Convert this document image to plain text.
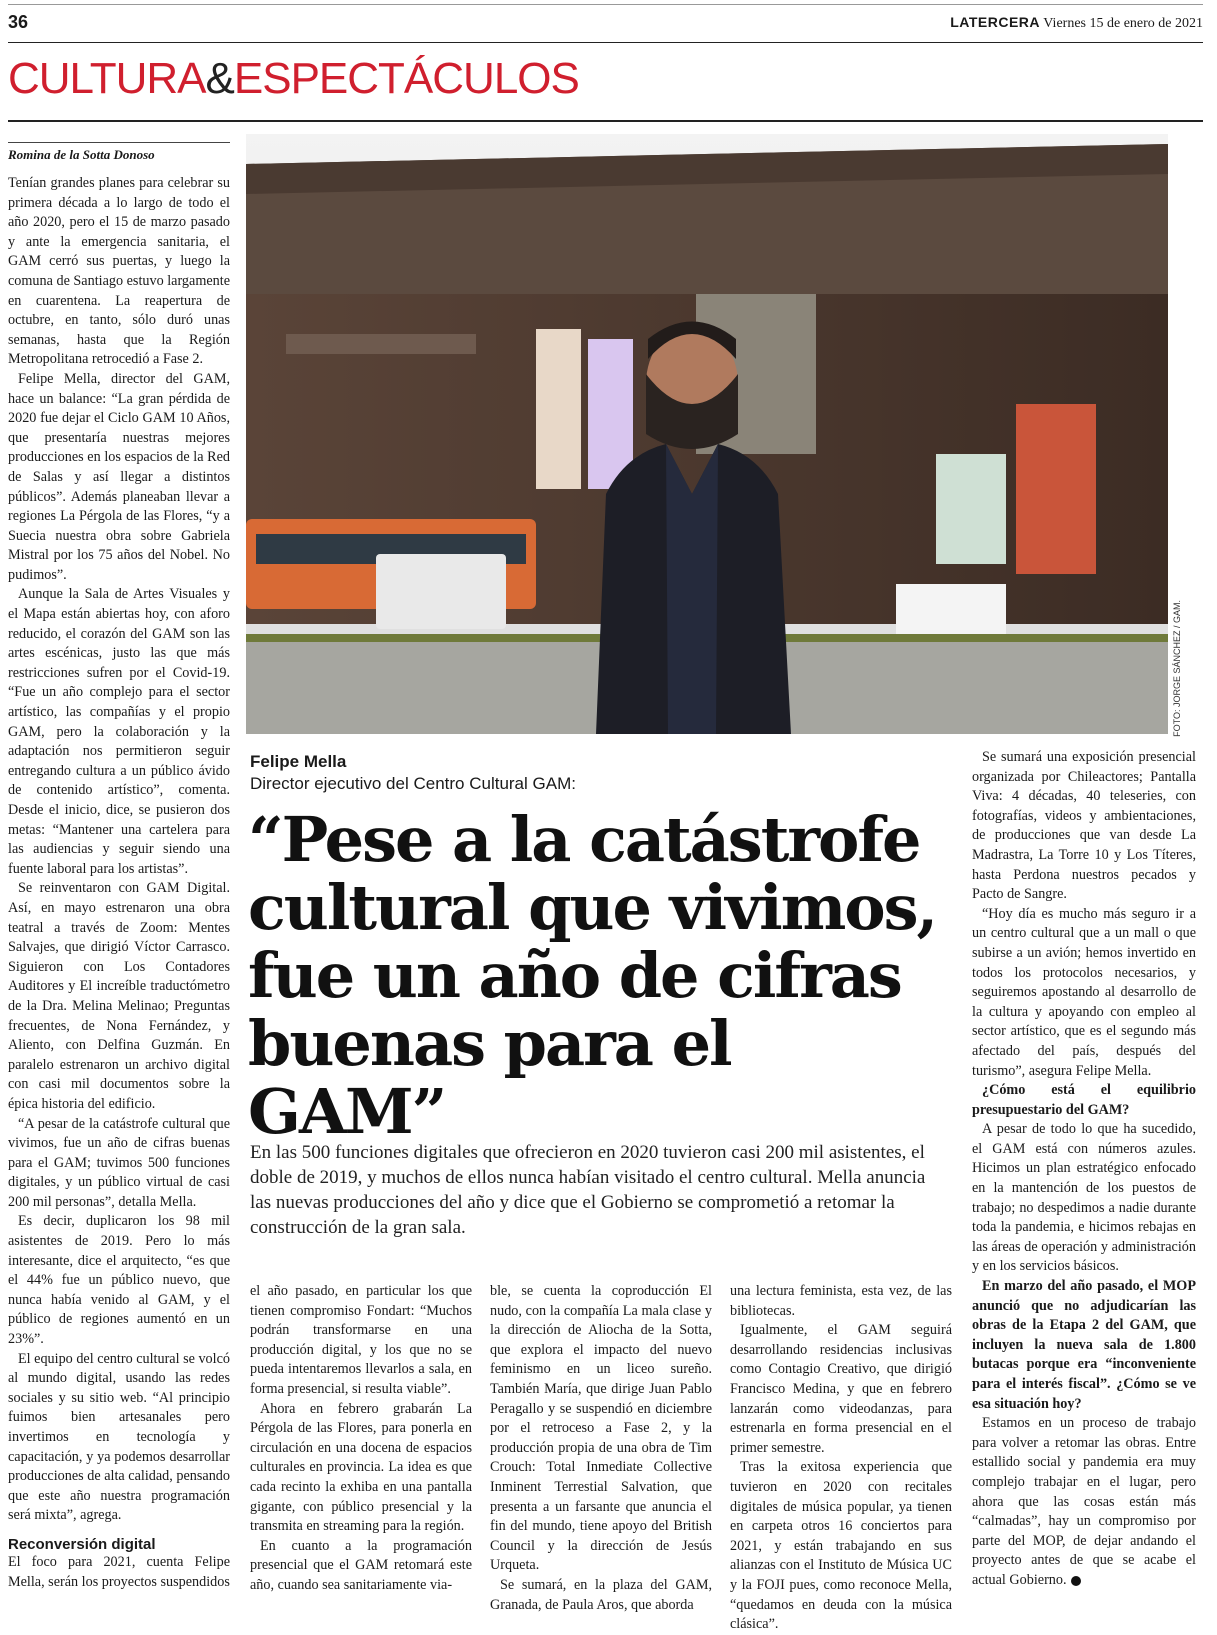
36	LATERCERA Viernes 15 de enero de 2021
CULTURA&ESPECTÁCULOS
Romina de la Sotta Donoso

Tenían grandes planes para celebrar su primera década a lo largo de todo el año 2020, pero el 15 de marzo pasado y ante la emergencia sanitaria, el GAM cerró sus puertas, y luego la comuna de Santiago estuvo largamente en cuarentena. La reapertura de octubre, en tanto, sólo duró unas semanas, hasta que la Región Metropolitana retrocedió a Fase 2.

Felipe Mella, director del GAM, hace un balance: “La gran pérdida de 2020 fue dejar el Ciclo GAM 10 Años, que presentaría nuestras mejores producciones en los espacios de la Red de Salas y así llegar a distintos públicos”. Además planeaban llevar a regiones La Pérgola de las Flores, “y a Suecia nuestra obra sobre Gabriela Mistral por los 75 años del Nobel. No pudimos”.

Aunque la Sala de Artes Visuales y el Mapa están abiertas hoy, con aforo reducido, el corazón del GAM son las artes escénicas, justo las que más restricciones sufren por el Covid-19. “Fue un año complejo para el sector artístico, las compañías y el propio GAM, pero la colaboración y la adaptación nos permitieron seguir entregando cultura a un público ávido de contenido artístico”, comenta. Desde el inicio, dice, se pusieron dos metas: “Mantener una cartelera para las audiencias y seguir siendo una fuente laboral para los artistas”.

Se reinventaron con GAM Digital. Así, en mayo estrenaron una obra teatral a través de Zoom: Mentes Salvajes, que dirigió Víctor Carrasco. Siguieron con Los Contadores Auditores y El increíble traductómetro de la Dra. Melina Melinao; Preguntas frecuentes, de Nona Fernández, y Aliento, con Delfina Guzmán. En paralelo estrenaron un archivo digital con casi mil documentos sobre la épica historia del edificio.

“A pesar de la catástrofe cultural que vivimos, fue un año de cifras buenas para el GAM; tuvimos 500 funciones digitales, y un público virtual de casi 200 mil personas”, detalla Mella.

Es decir, duplicaron los 98 mil asistentes de 2019. Pero lo más interesante, dice el arquitecto, “es que el 44% fue un público nuevo, que nunca había venido al GAM, y el público de regiones aumentó en un 23%”.

El equipo del centro cultural se volcó al mundo digital, usando las redes sociales y su sitio web. “Al principio fuimos bien artesanales pero invertimos en tecnología y capacitación, y ya podemos desarrollar producciones de alta calidad, pensando que este año nuestra programación será mixta”, agrega.

Reconversión digital

El foco para 2021, cuenta Felipe Mella, serán los proyectos suspendidos

FOTO: JORGE SÁNCHEZ / GAM.
Felipe Mella
Director ejecutivo del Centro Cultural GAM:
“Pese a la catástrofe cultural que vivimos, fue un año de cifras buenas para el GAM”
En las 500 funciones digitales que ofrecieron en 2020 tuvieron casi 200 mil asistentes, el doble de 2019, y muchos de ellos nunca habían visitado el centro cultural. Mella anuncia las nuevas producciones del año y dice que el Gobierno se comprometió a retomar la construcción de la gran sala.

el año pasado, en particular los que tienen compromiso Fondart: “Muchos podrán transformarse en una producción digital, y los que no se pueda intentaremos llevarlos a sala, en forma presencial, si resulta viable”.

Ahora en febrero grabarán La Pérgola de las Flores, para ponerla en circulación en una docena de espacios culturales en provincia. La idea es que cada recinto la exhiba en una pantalla gigante, con público presencial y la transmita en streaming para la región.

En cuanto a la programación presencial que el GAM retomará este año, cuando sea sanitariamente via-

ble, se cuenta la coproducción El nudo, con la compañía La mala clase y la dirección de Aliocha de la Sotta, que explora el impacto del nuevo feminismo en un liceo sureño. También María, que dirige Juan Pablo Peragallo y se suspendió en diciembre por el retroceso a Fase 2, y la producción propia de una obra de Tim Crouch: Total Inmediate Collective Inminent Terrestial Salvation, que presenta a un farsante que anuncia el fin del mundo, tiene apoyo del British Council y la dirección de Jesús Urqueta.

Se sumará, en la plaza del GAM, Granada, de Paula Aros, que aborda

una lectura feminista, esta vez, de las bibliotecas.

Igualmente, el GAM seguirá desarrollando residencias inclusivas como Contagio Creativo, que dirigió Francisco Medina, y que en febrero lanzarán como videodanzas, para estrenarla en forma presencial en el primer semestre.

Tras la exitosa experiencia que tuvieron en 2020 con recitales digitales de música popular, ya tienen en carpeta otros 16 conciertos para 2021, y están trabajando en sus alianzas con el Instituto de Música UC y la FOJI pues, como reconoce Mella, “quedamos en deuda con la música clásica”.

Se sumará una exposición presencial organizada por Chileactores; Pantalla Viva: 4 décadas, 40 teleseries, con fotografías, videos y ambientaciones, de producciones que van desde La Madrastra, La Torre 10 y Los Títeres, hasta Perdona nuestros pecados y Pacto de Sangre.

“Hoy día es mucho más seguro ir a un centro cultural que a un mall o que subirse a un avión; hemos invertido en todos los protocolos necesarios, y seguiremos apostando al desarrollo de la cultura y apoyando con empleo al sector artístico, que es el segundo más afectado del país, después del turismo”, asegura Felipe Mella.

¿Cómo está el equilibrio presupuestario del GAM?

A pesar de todo lo que ha sucedido, el GAM está con números azules. Hicimos un plan estratégico enfocado en la mantención de los puestos de trabajo; no despedimos a nadie durante toda la pandemia, e hicimos rebajas en las áreas de operación y administración y en los servicios básicos.

En marzo del año pasado, el MOP anunció que no adjudicarían las obras de la Etapa 2 del GAM, que incluyen la nueva sala de 1.800 butacas porque era “inconveniente para el interés fiscal”. ¿Cómo se ve esa situación hoy?

Estamos en un proceso de trabajo para volver a retomar las obras. Entre estallido social y pandemia era muy complejo trabajar en el lugar, pero ahora que las cosas están más “calmadas”, hay un compromiso por parte del MOP, de dejar andando el proyecto antes de que se acabe el actual Gobierno.
